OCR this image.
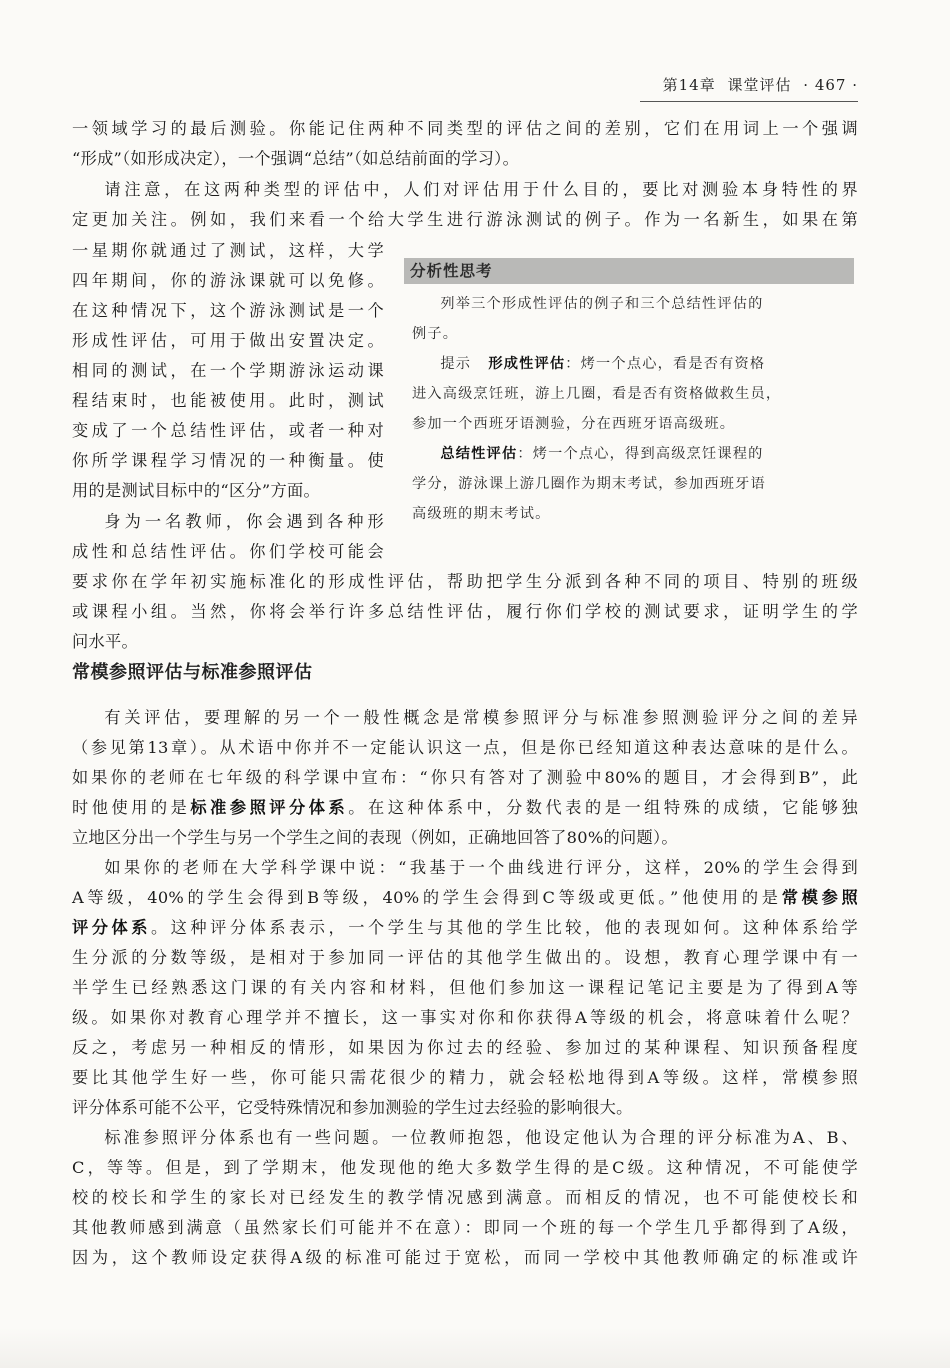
第14章 课堂评估 · 467 ·

一领域学习的最后测验。你能记住两种不同类型的评估之间的差别，它们在用词上一个强调

“形成”（如形成决定），一个强调“总结”（如总结前面的学习）。

请注意，在这两种类型的评估中，人们对评估用于什么目的，要比对测验本身特性的界

定更加关注。例如，我们来看一个给大学生进行游泳测试的例子。作为一名新生，如果在第

一星期你就通过了测试，这样，大学

四年期间，你的游泳课就可以免修。

在这种情况下，这个游泳测试是一个

形成性评估，可用于做出安置决定。

相同的测试，在一个学期游泳运动课

程结束时，也能被使用。此时，测试

变成了一个总结性评估，或者一种对

你所学课程学习情况的一种衡量。使

用的是测试目标中的“区分”方面。

身为一名教师，你会遇到各种形

成性和总结性评估。你们学校可能会

要求你在学年初实施标准化的形成性评估，帮助把学生分派到各种不同的项目、特别的班级

或课程小组。当然，你将会举行许多总结性评估，履行你们学校的测试要求，证明学生的学

问水平。

分析性思考

列举三个形成性评估的例子和三个总结性评估的

例子。

提示 形成性评估：烤一个点心，看是否有资格

进入高级烹饪班，游上几圈，看是否有资格做救生员，

参加一个西班牙语测验，分在西班牙语高级班。

总结性评估：烤一个点心，得到高级烹饪课程的

学分，游泳课上游几圈作为期末考试，参加西班牙语

高级班的期末考试。

常模参照评估与标准参照评估

有关评估，要理解的另一个一般性概念是常模参照评分与标准参照测验评分之间的差异

（参见第13章）。从术语中你并不一定能认识这一点，但是你已经知道这种表达意味的是什么。

如果你的老师在七年级的科学课中宣布：“你只有答对了测验中80%的题目，才会得到B”，此

时他使用的是标准参照评分体系。在这种体系中，分数代表的是一组特殊的成绩，它能够独

立地区分出一个学生与另一个学生之间的表现（例如，正确地回答了80%的问题）。

如果你的老师在大学科学课中说：“我基于一个曲线进行评分，这样，20%的学生会得到

A等级，40%的学生会得到B等级，40%的学生会得到C等级或更低。”他使用的是常模参照

评分体系。这种评分体系表示，一个学生与其他的学生比较，他的表现如何。这种体系给学

生分派的分数等级，是相对于参加同一评估的其他学生做出的。设想，教育心理学课中有一

半学生已经熟悉这门课的有关内容和材料，但他们参加这一课程记笔记主要是为了得到A等

级。如果你对教育心理学并不擅长，这一事实对你和你获得A等级的机会，将意味着什么呢？

反之，考虑另一种相反的情形，如果因为你过去的经验、参加过的某种课程、知识预备程度

要比其他学生好一些，你可能只需花很少的精力，就会轻松地得到A等级。这样，常模参照

评分体系可能不公平，它受特殊情况和参加测验的学生过去经验的影响很大。

标准参照评分体系也有一些问题。一位教师抱怨，他设定他认为合理的评分标准为A、B、

C，等等。但是，到了学期末，他发现他的绝大多数学生得的是C级。这种情况，不可能使学

校的校长和学生的家长对已经发生的教学情况感到满意。而相反的情况，也不可能使校长和

其他教师感到满意（虽然家长们可能并不在意）：即同一个班的每一个学生几乎都得到了A级，

因为，这个教师设定获得A级的标准可能过于宽松，而同一学校中其他教师确定的标准或许
